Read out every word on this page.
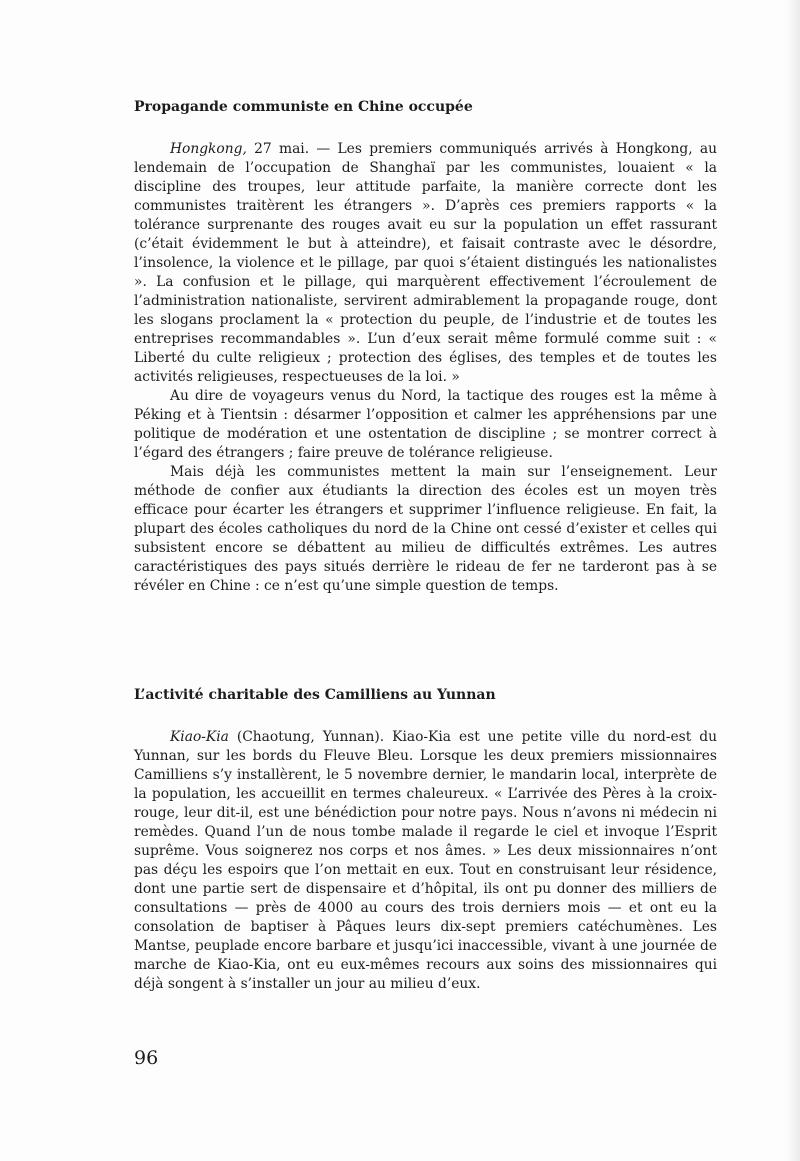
Propagande communiste en Chine occupée

Hongkong, 27 mai. — Les premiers communiqués arrivés à Hongkong, au lendemain de l’occupation de Shanghaï par les communistes, louaient « la discipline des troupes, leur attitude parfaite, la manière correcte dont les communistes traitèrent les étrangers ». D’après ces premiers rapports « la tolérance surprenante des rouges avait eu sur la population un effet rassurant (c’était évidemment le but à atteindre), et faisait contraste avec le désordre, l’insolence, la violence et le pillage, par quoi s’étaient distingués les nationalistes ». La confusion et le pillage, qui marquèrent effectivement l’écroulement de l’administration nationaliste, servirent admirablement la propagande rouge, dont les slogans proclament la « protection du peuple, de l’industrie et de toutes les entreprises recommandables ». L’un d’eux serait même formulé comme suit : « Liberté du culte religieux ; protection des églises, des temples et de toutes les activités religieuses, respectueuses de la loi. »

Au dire de voyageurs venus du Nord, la tactique des rouges est la même à Péking et à Tientsin : désarmer l’opposition et calmer les appréhensions par une politique de modération et une ostentation de discipline ; se montrer correct à l’égard des étrangers ; faire preuve de tolérance religieuse.

Mais déjà les communistes mettent la main sur l’enseignement. Leur méthode de confier aux étudiants la direction des écoles est un moyen très efficace pour écarter les étrangers et supprimer l’influence religieuse. En fait, la plupart des écoles catholiques du nord de la Chine ont cessé d’exister et celles qui subsistent encore se débattent au milieu de difficultés extrêmes. Les autres caractéristiques des pays situés derrière le rideau de fer ne tarderont pas à se révéler en Chine : ce n’est qu’une simple question de temps.

L’activité charitable des Camilliens au Yunnan

Kiao-Kia (Chaotung, Yunnan). Kiao-Kia est une petite ville du nord-est du Yunnan, sur les bords du Fleuve Bleu. Lorsque les deux premiers missionnaires Camilliens s’y installèrent, le 5 novembre dernier, le mandarin local, interprète de la population, les accueillit en termes chaleureux. « L’arrivée des Pères à la croix-rouge, leur dit-il, est une bénédiction pour notre pays. Nous n’avons ni médecin ni remèdes. Quand l’un de nous tombe malade il regarde le ciel et invoque l’Esprit suprême. Vous soignerez nos corps et nos âmes. » Les deux missionnaires n’ont pas déçu les espoirs que l’on mettait en eux. Tout en construisant leur résidence, dont une partie sert de dispensaire et d’hôpital, ils ont pu donner des milliers de consultations — près de 4000 au cours des trois derniers mois — et ont eu la consolation de baptiser à Pâques leurs dix-sept premiers catéchumènes. Les Mantse, peuplade encore barbare et jusqu’ici inaccessible, vivant à une journée de marche de Kiao-Kia, ont eu eux-mêmes recours aux soins des missionnaires qui déjà songent à s’installer un jour au milieu d’eux.

96
